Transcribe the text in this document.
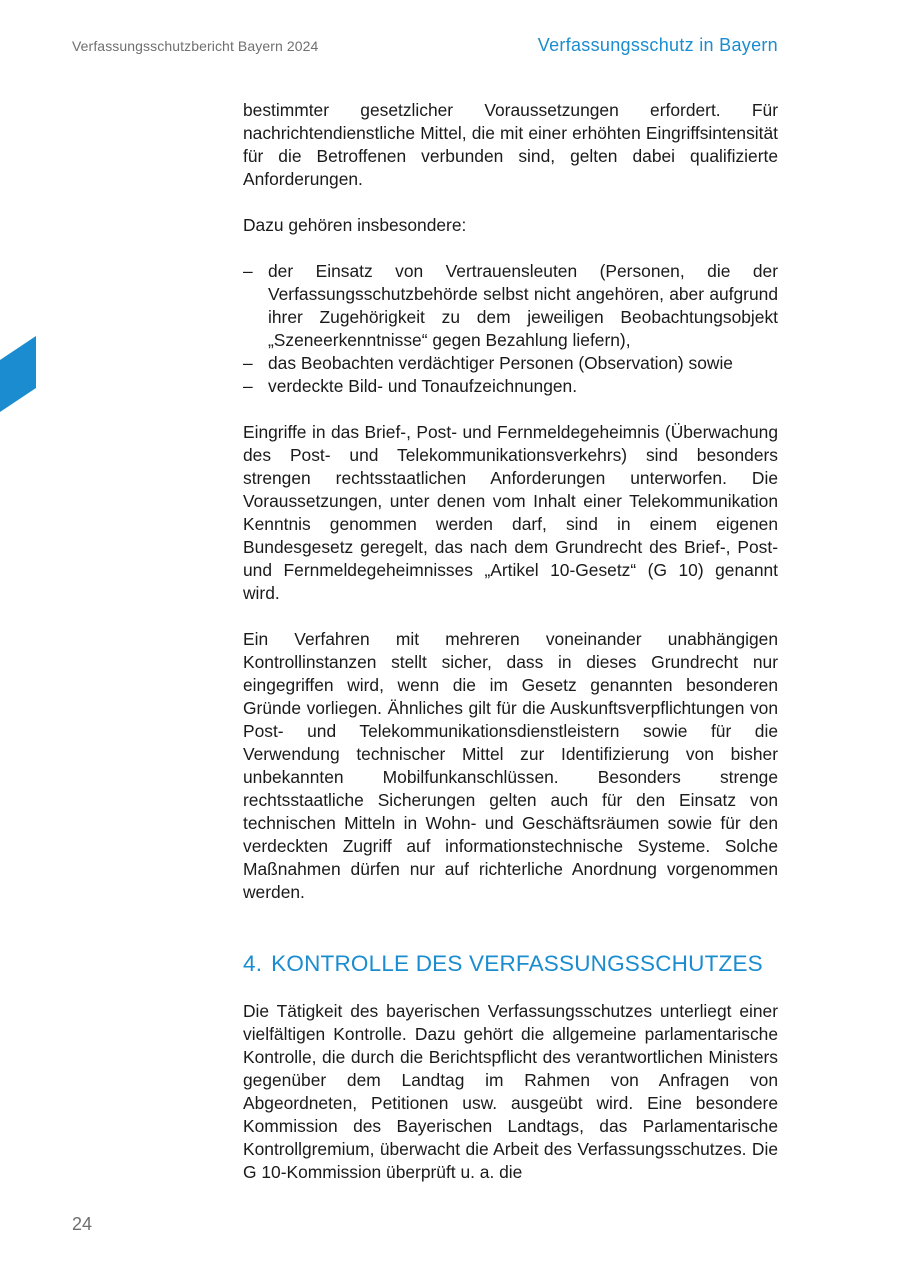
Verfassungsschutzbericht Bayern 2024	Verfassungsschutz in Bayern

bestimmter gesetzlicher Voraussetzungen erfordert. Für nachrichtendienstliche Mittel, die mit einer erhöhten Eingriffsintensität für die Betroffenen verbunden sind, gelten dabei qualifizierte Anforderungen.

Dazu gehören insbesondere:

– der Einsatz von Vertrauensleuten (Personen, die der Verfassungsschutzbehörde selbst nicht angehören, aber aufgrund ihrer Zugehörigkeit zu dem jeweiligen Beobachtungsobjekt „Szeneerkenntnisse“ gegen Bezahlung liefern),
– das Beobachten verdächtiger Personen (Observation) sowie
– verdeckte Bild- und Tonaufzeichnungen.

Eingriffe in das Brief-, Post- und Fernmeldegeheimnis (Überwachung des Post- und Telekommunikationsverkehrs) sind besonders strengen rechtsstaatlichen Anforderungen unterworfen. Die Voraussetzungen, unter denen vom Inhalt einer Telekommunikation Kenntnis genommen werden darf, sind in einem eigenen Bundesgesetz geregelt, das nach dem Grundrecht des Brief-, Post- und Fernmeldegeheimnisses „Artikel 10-Gesetz“ (G 10) genannt wird.

Ein Verfahren mit mehreren voneinander unabhängigen Kontrollinstanzen stellt sicher, dass in dieses Grundrecht nur eingegriffen wird, wenn die im Gesetz genannten besonderen Gründe vorliegen. Ähnliches gilt für die Auskunftsverpflichtungen von Post- und Telekommunikationsdienstleistern sowie für die Verwendung technischer Mittel zur Identifizierung von bisher unbekannten Mobilfunkanschlüssen. Besonders strenge rechtsstaatliche Sicherungen gelten auch für den Einsatz von technischen Mitteln in Wohn- und Geschäftsräumen sowie für den verdeckten Zugriff auf informationstechnische Systeme. Solche Maßnahmen dürfen nur auf richterliche Anordnung vorgenommen werden.

4. KONTROLLE DES VERFASSUNGSSCHUTZES

Die Tätigkeit des bayerischen Verfassungsschutzes unterliegt einer vielfältigen Kontrolle. Dazu gehört die allgemeine parlamentarische Kontrolle, die durch die Berichtspflicht des verantwortlichen Ministers gegenüber dem Landtag im Rahmen von Anfragen von Abgeordneten, Petitionen usw. ausgeübt wird. Eine besondere Kommission des Bayerischen Landtags, das Parlamentarische Kontrollgremium, überwacht die Arbeit des Verfassungsschutzes. Die G 10-Kommission überprüft u. a. die

24
